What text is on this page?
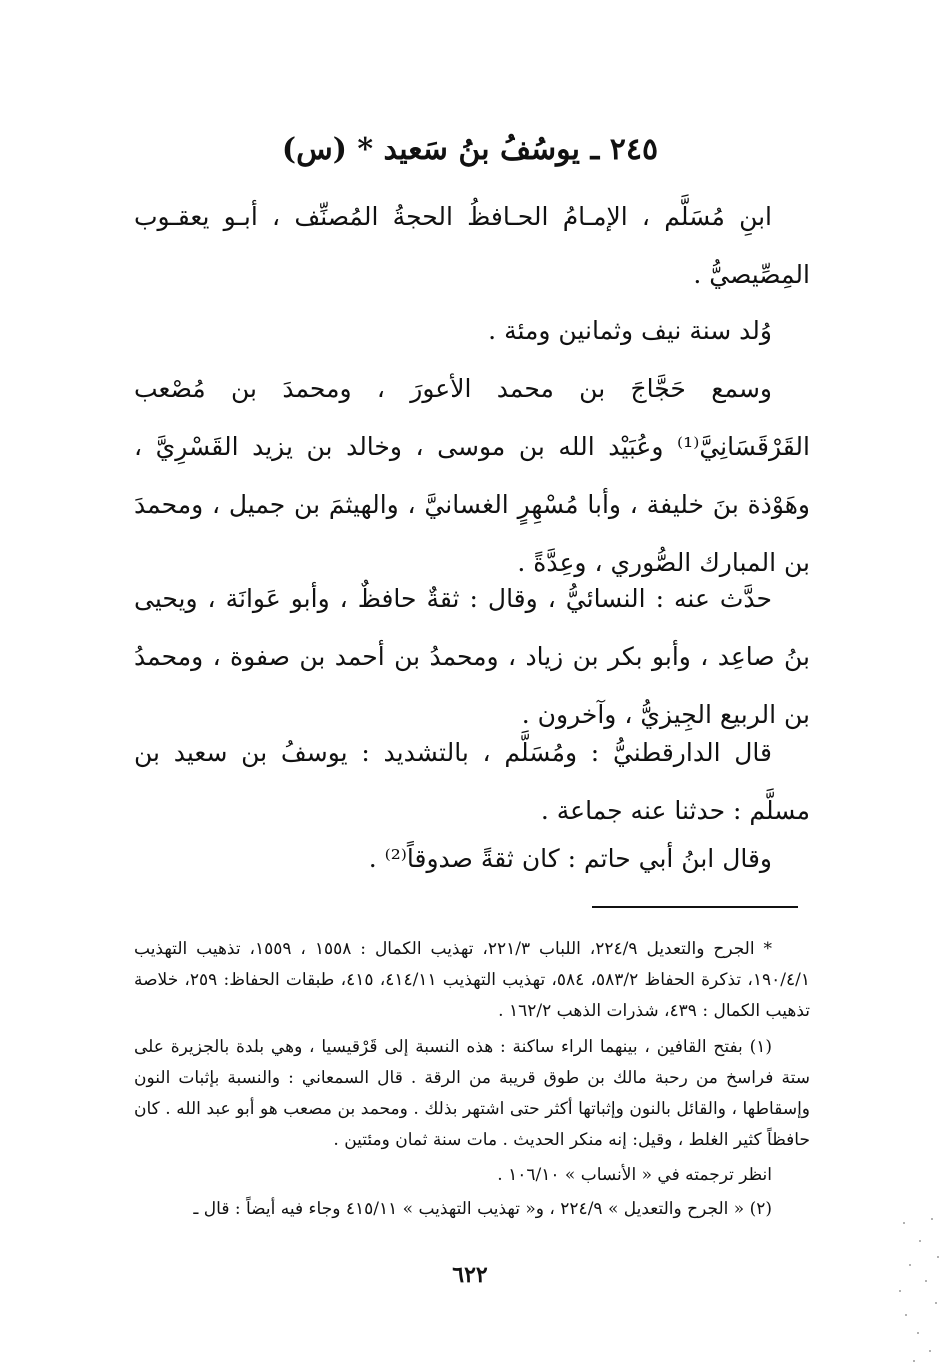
٢٤٥ ـ يوسُفُ بنُ سَعيد * (س)

ابنِ مُسَلَّم ، الإمـامُ الحـافظُ الحجةُ المُصنِّف ، أبـو يعقـوب المِصِّيصيُّ .

وُلد سنة نيف وثمانين ومئة .

وسمع حَجَّاجَ بن محمد الأعورَ ، ومحمدَ بن مُصْعب القَرْقَسَانِيَّ⁽¹⁾ وعُبَيْد الله بن موسى ، وخالد بن يزيد القَسْرِيَّ ، وهَوْذة بنَ خليفة ، وأبا مُسْهِرٍ الغسانيَّ ، والهيثمَ بن جميل ، ومحمدَ بن المبارك الصُّوري ، وعِدَّةً .

حدَّث عنه : النسائيُّ ، وقال : ثقةٌ حافظٌ ، وأبو عَوانَة ، ويحيى بنُ صاعِد ، وأبو بكر بن زياد ، ومحمدُ بن أحمد بن صفوة ، ومحمدُ بن الربيع الجِيزيُّ ، وآخرون .

قال الدارقطنيُّ : ومُسَلَّم ، بالتشديد : يوسفُ بن سعيد بن مسلَّم : حدثنا عنه جماعة .

وقال ابنُ أبي حاتم : كان ثقةً صدوقاً⁽²⁾ .

* الجرح والتعديل ٢٢٤/٩، اللباب ٢٢١/٣، تهذيب الكمال : ١٥٥٨ ، ١٥٥٩، تذهيب التهذيب ١٩٠/٤/١، تذكرة الحفاظ ٥٨٣/٢، ٥٨٤، تهذيب التهذيب ٤١٤/١١، ٤١٥، طبقات الحفاظ: ٢٥٩، خلاصة تذهيب الكمال : ٤٣٩، شذرات الذهب ١٦٢/٢ .

(١) بفتح القافين ، بينهما الراء ساكنة : هذه النسبة إلى قَرْقيسيا ، وهي بلدة بالجزيرة على ستة فراسخ من رحبة مالك بن طوق قريبة من الرقة . قال السمعاني : والنسبة بإثبات النون وإسقاطها ، والقائل بالنون وإثباتها أكثر حتى اشتهر بذلك . ومحمد بن مصعب هو أبو عبد الله . كان حافظاً كثير الغلط ، وقيل: إنه منكر الحديث . مات سنة ثمان ومئتين .

انظر ترجمته في « الأنساب » ١٠٦/١٠ .

(٢) « الجرح والتعديل » ٢٢٤/٩ ، و« تهذيب التهذيب » ٤١٥/١١ وجاء فيه أيضاً : قال ـ

٦٢٢
